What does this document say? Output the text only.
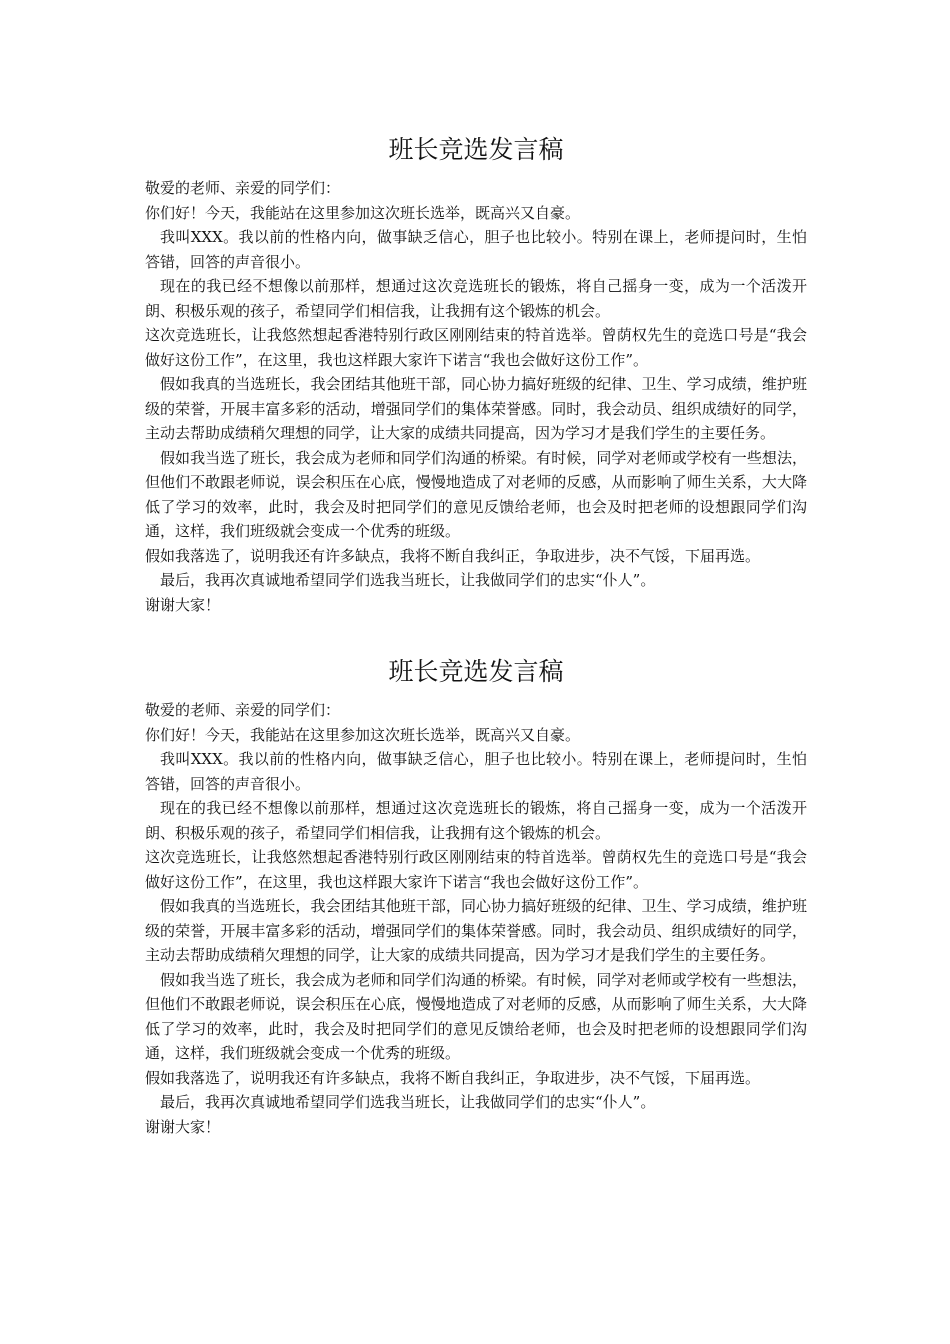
班长竞选发言稿

敬爱的老师、亲爱的同学们：

你们好！今天，我能站在这里参加这次班长选举，既高兴又自豪。

我叫XXX。我以前的性格内向，做事缺乏信心，胆子也比较小。特别在课上，老师提问时，生怕答错，回答的声音很小。

现在的我已经不想像以前那样，想通过这次竞选班长的锻炼，将自己摇身一变，成为一个活泼开朗、积极乐观的孩子，希望同学们相信我，让我拥有这个锻炼的机会。

这次竞选班长，让我悠然想起香港特别行政区刚刚结束的特首选举。曾荫权先生的竞选口号是“我会做好这份工作”，在这里，我也这样跟大家许下诺言“我也会做好这份工作”。

假如我真的当选班长，我会团结其他班干部，同心协力搞好班级的纪律、卫生、学习成绩，维护班级的荣誉，开展丰富多彩的活动，增强同学们的集体荣誉感。同时，我会动员、组织成绩好的同学，主动去帮助成绩稍欠理想的同学，让大家的成绩共同提高，因为学习才是我们学生的主要任务。

假如我当选了班长，我会成为老师和同学们沟通的桥梁。有时候，同学对老师或学校有一些想法，但他们不敢跟老师说，误会积压在心底，慢慢地造成了对老师的反感，从而影响了师生关系，大大降低了学习的效率，此时，我会及时把同学们的意见反馈给老师，也会及时把老师的设想跟同学们沟通，这样，我们班级就会变成一个优秀的班级。

假如我落选了，说明我还有许多缺点，我将不断自我纠正，争取进步，决不气馁，下届再选。

最后，我再次真诚地希望同学们选我当班长，让我做同学们的忠实“仆人”。

谢谢大家！

班长竞选发言稿

敬爱的老师、亲爱的同学们：

你们好！今天，我能站在这里参加这次班长选举，既高兴又自豪。

我叫XXX。我以前的性格内向，做事缺乏信心，胆子也比较小。特别在课上，老师提问时，生怕答错，回答的声音很小。

现在的我已经不想像以前那样，想通过这次竞选班长的锻炼，将自己摇身一变，成为一个活泼开朗、积极乐观的孩子，希望同学们相信我，让我拥有这个锻炼的机会。

这次竞选班长，让我悠然想起香港特别行政区刚刚结束的特首选举。曾荫权先生的竞选口号是“我会做好这份工作”，在这里，我也这样跟大家许下诺言“我也会做好这份工作”。

假如我真的当选班长，我会团结其他班干部，同心协力搞好班级的纪律、卫生、学习成绩，维护班级的荣誉，开展丰富多彩的活动，增强同学们的集体荣誉感。同时，我会动员、组织成绩好的同学，主动去帮助成绩稍欠理想的同学，让大家的成绩共同提高，因为学习才是我们学生的主要任务。

假如我当选了班长，我会成为老师和同学们沟通的桥梁。有时候，同学对老师或学校有一些想法，但他们不敢跟老师说，误会积压在心底，慢慢地造成了对老师的反感，从而影响了师生关系，大大降低了学习的效率，此时，我会及时把同学们的意见反馈给老师，也会及时把老师的设想跟同学们沟通，这样，我们班级就会变成一个优秀的班级。

假如我落选了，说明我还有许多缺点，我将不断自我纠正，争取进步，决不气馁，下届再选。

最后，我再次真诚地希望同学们选我当班长，让我做同学们的忠实“仆人”。

谢谢大家！
